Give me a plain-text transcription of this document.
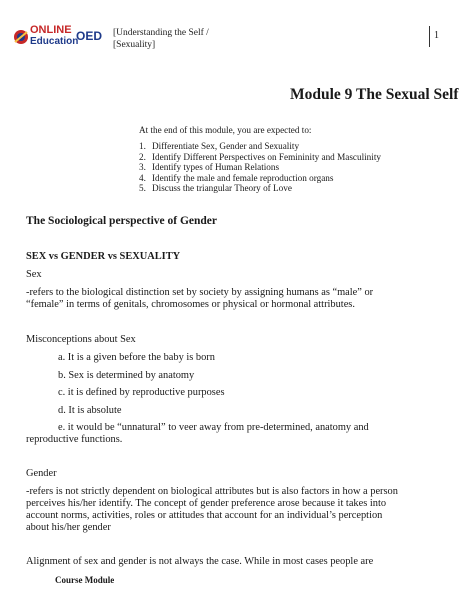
ONLINE
Education
OED [Understanding the Self /
[Sexuality]
1
Module 9 The Sexual Self
At the end of this module, you are expected to:
1. Differentiate Sex, Gender and Sexuality
2. Identify Different Perspectives on Femininity and Masculinity
3. Identify types of Human Relations
4. Identify the male and female reproduction organs
5. Discuss the triangular Theory of Love
The Sociological perspective of Gender
SEX vs GENDER vs SEXUALITY
Sex
-refers to the biological distinction set by society by assigning humans as “male” or
“female” in terms of genitals, chromosomes or physical or hormonal attributes.
Misconceptions about Sex
a. It is a given before the baby is born
b. Sex is determined by anatomy
c. it is defined by reproductive purposes
d. It is absolute
e. it would be “unnatural” to veer away from pre-determined, anatomy and
reproductive functions.
Gender
-refers is not strictly dependent on biological attributes but is also factors in how a person
perceives his/her identify. The concept of gender preference arose because it takes into
account norms, activities, roles or attitudes that account for an individual’s perception
about his/her gender
Alignment of sex and gender is not always the case. While in most cases people are
Course Module
